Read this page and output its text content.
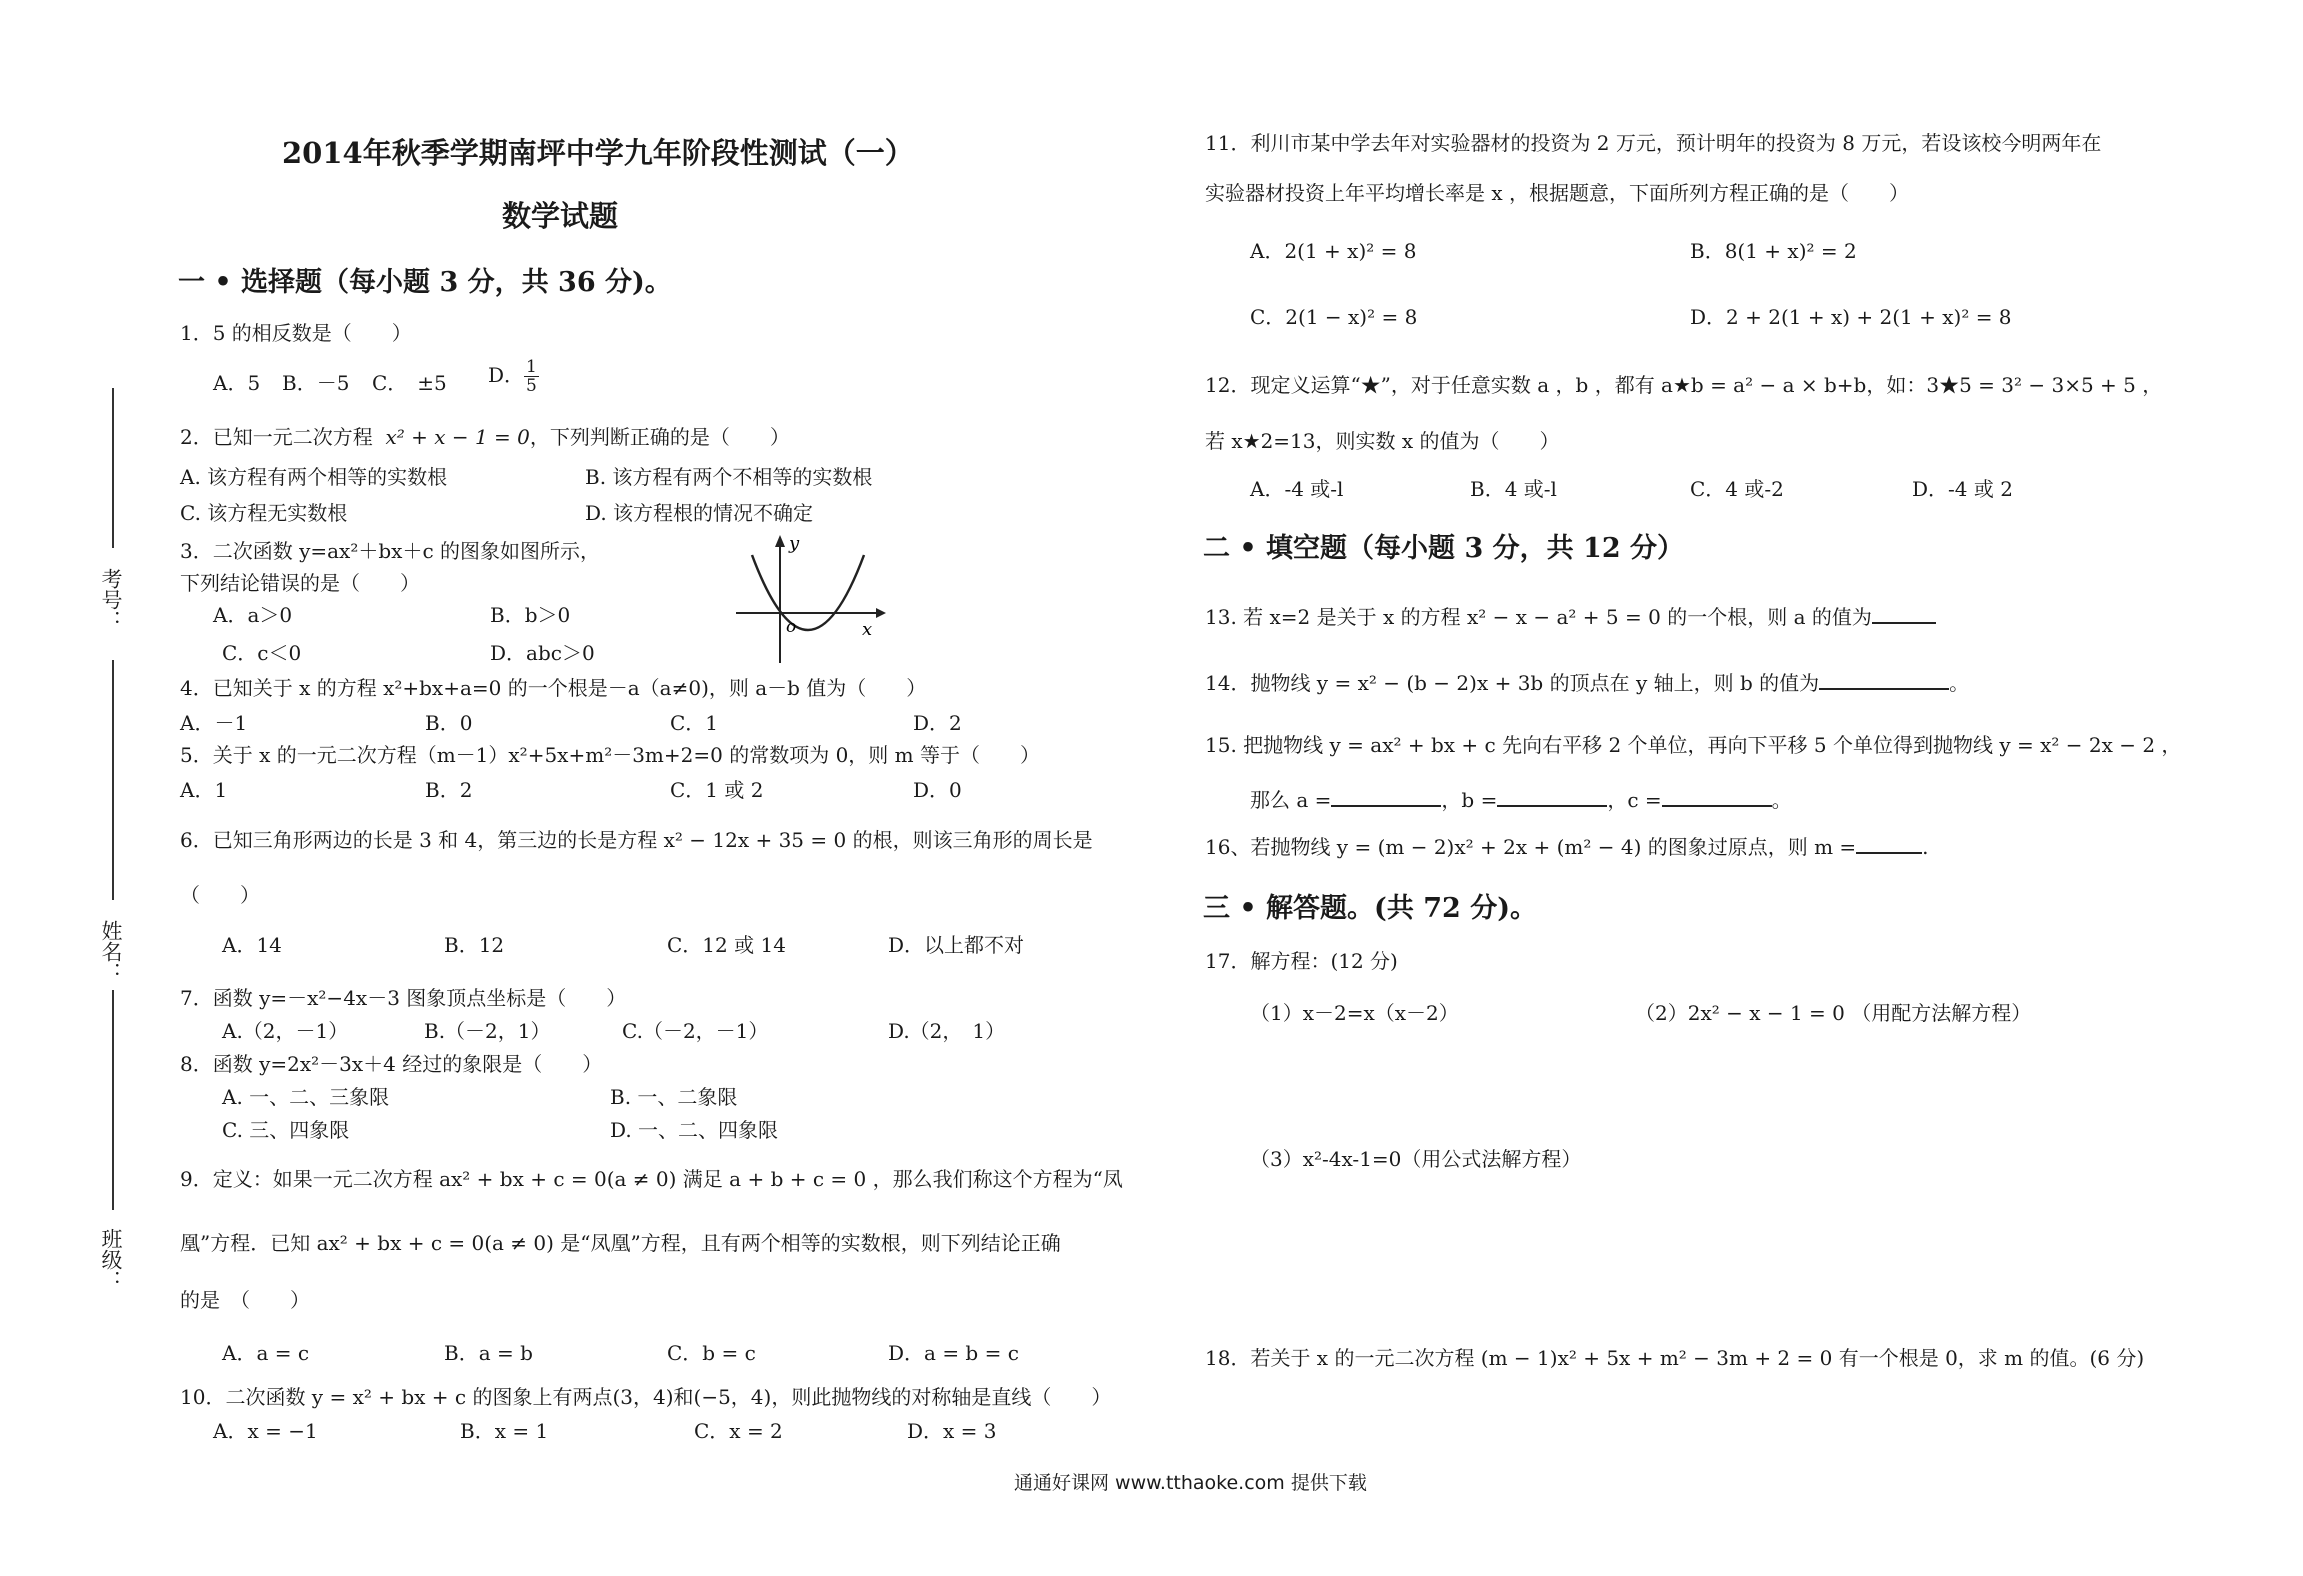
考号：
姓名：
班级：
2014年秋季学期南坪中学九年阶段性测试（一）
数学试题
一 • 选择题（每小题 3 分，共 36 分)。
1．5 的相反数是（　　）
A．5 B．－5 C．　±5 D． $\frac{1}{5}$
2．已知一元二次方程 x² + x − 1 = 0，下列判断正确的是（　　）
A. 该方程有两个相等的实数根	B. 该方程有两个不相等的实数根
C. 该方程无实数根	D. 该方程根的情况不确定
3．二次函数 y=ax²＋bx＋c 的图象如图所示，
下列结论错误的是（　　）
A．a＞0	B．b＞0
C．c＜0	D．abc＞0
y
o	x
4．已知关于 x 的方程 x²+bx+a=0 的一个根是－a（a≠0)，则 a－b 值为（　　）
A．－1	B．0	C．1	D．2
5．关于 x 的一元二次方程（m－1）x²+5x+m²－3m+2=0 的常数项为 0，则 m 等于（　　）
A．1	B．2	C．1 或 2	D．0
6．已知三角形两边的长是 3 和 4，第三边的长是方程 x² − 12x + 35 = 0 的根，则该三角形的周长是
（　　）
A．14	B．12	C．12 或 14	D．以上都不对
7．函数 y=－x²−4x－3 图象顶点坐标是（　　）
A.（2，－1）	B.（－2，1）	C.（－2，－1）	D.（2，　1）
8．函数 y=2x²－3x＋4 经过的象限是（　　）
A. 一、二、三象限	B. 一、二象限
C. 三、四象限	D. 一、二、四象限
9．定义：如果一元二次方程 ax² + bx + c = 0(a ≠ 0) 满足 a + b + c = 0 ，那么我们称这个方程为“凤
凰”方程．已知 ax² + bx + c = 0(a ≠ 0) 是“凤凰”方程，且有两个相等的实数根，则下列结论正确
的是　（　　）
A．a = c	B．a = b	C．b = c	D．a = b = c
10．二次函数 y = x² + bx + c 的图象上有两点(3，4)和(−5，4)，则此抛物线的对称轴是直线（　　）
A．x = −1	B．x = 1	C．x = 2	D．x = 3
11．利川市某中学去年对实验器材的投资为 2 万元，预计明年的投资为 8 万元，若设该校今明两年在
实验器材投资上年平均增长率是 x ，根据题意，下面所列方程正确的是（　　）
A．2(1 + x)² = 8	B．8(1 + x)² = 2
C．2(1 − x)² = 8	D．2 + 2(1 + x) + 2(1 + x)² = 8
12．现定义运算“★”，对于任意实数 a ，b ，都有 a★b = a² − a × b+b，如：3★5 = 3² − 3×5 + 5 ，
若 x★2=13，则实数 x 的值为（　　）
A．-4 或-l	B．4 或-l	C．4 或-2	D．-4 或 2
二 • 填空题（每小题 3 分，共 12 分）
13. 若 x=2 是关于 x 的方程 x² − x − a² + 5 = 0 的一个根，则 a 的值为
14．抛物线 y = x² − (b − 2)x + 3b 的顶点在 y 轴上，则 b 的值为	。
15. 把抛物线 y = ax² + bx + c 先向右平移 2 个单位，再向下平移 5 个单位得到抛物线 y = x² − 2x − 2 ，
那么 a =	，b =	，c =	。
16、若抛物线 y = (m − 2)x² + 2x + (m² − 4) 的图象过原点，则 m =	.
三 • 解答题。(共 72 分)。
17．解方程：(12 分)
（1）x－2=x（x－2）	（2）2x² − x − 1 = 0 （用配方法解方程）
（3）x²-4x-1=0（用公式法解方程）
18．若关于 x 的一元二次方程 (m − 1)x² + 5x + m² − 3m + 2 = 0 有一个根是 0，求 m 的值。(6 分)
通通好课网 www.tthaoke.com 提供下载
